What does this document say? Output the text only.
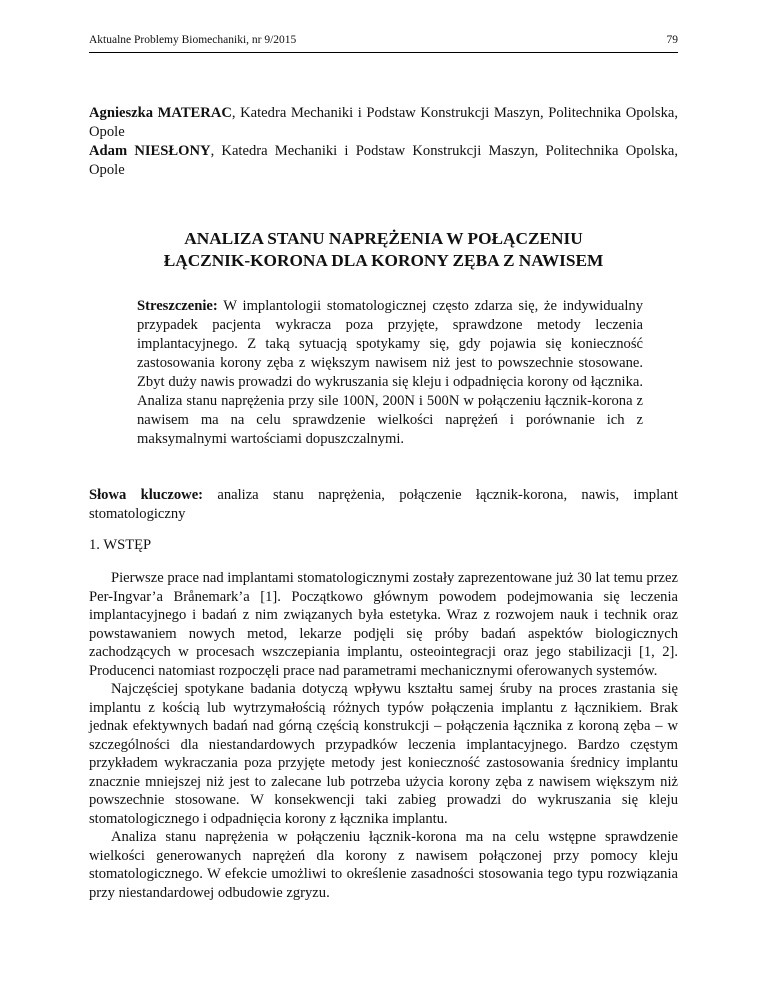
Aktualne Problemy Biomechaniki, nr 9/2015	79

Agnieszka MATERAC, Katedra Mechaniki i Podstaw Konstrukcji Maszyn, Politechnika Opolska, Opole

Adam NIESŁONY, Katedra Mechaniki i Podstaw Konstrukcji Maszyn, Politechnika Opolska, Opole

ANALIZA STANU NAPRĘŻENIA W POŁĄCZENIU
ŁĄCZNIK-KORONA DLA KORONY ZĘBA Z NAWISEM
Streszczenie: W implantologii stomatologicznej często zdarza się, że indywidualny przypadek pacjenta wykracza poza przyjęte, sprawdzone metody leczenia implantacyjnego. Z taką sytuacją spotykamy się, gdy pojawia się konieczność zastosowania korony zęba z większym nawisem niż jest to powszechnie stosowane. Zbyt duży nawis prowadzi do wykruszania się kleju i odpadnięcia korony od łącznika. Analiza stanu naprężenia przy sile 100N, 200N i 500N w połączeniu łącznik-korona z nawisem ma na celu sprawdzenie wielkości naprężeń i porównanie ich z maksymalnymi wartościami dopuszczalnymi.
Słowa kluczowe: analiza stanu naprężenia, połączenie łącznik-korona, nawis, implant stomatologiczny
1. WSTĘP

Pierwsze prace nad implantami stomatologicznymi zostały zaprezentowane już 30 lat temu przez Per-Ingvar’a Brånemark’a [1]. Początkowo głównym powodem podejmowania się leczenia implantacyjnego i badań z nim związanych była estetyka. Wraz z rozwojem nauk i technik oraz powstawaniem nowych metod, lekarze podjęli się próby badań aspektów biologicznych zachodzących w procesach wszczepiania implantu, osteointegracji oraz jego stabilizacji [1, 2]. Producenci natomiast rozpoczęli prace nad parametrami mechanicznymi oferowanych systemów.

Najczęściej spotykane badania dotyczą wpływu kształtu samej śruby na proces zrastania się implantu z kością lub wytrzymałością różnych typów połączenia implantu z łącznikiem. Brak jednak efektywnych badań nad górną częścią konstrukcji – połączenia łącznika z koroną zęba – w szczególności dla niestandardowych przypadków leczenia implantacyjnego. Bardzo częstym przykładem wykraczania poza przyjęte metody jest konieczność zastosowania średnicy implantu znacznie mniejszej niż jest to zalecane lub potrzeba użycia korony zęba z nawisem większym niż powszechnie stosowane. W konsekwencji taki zabieg prowadzi do wykruszania się kleju stomatologicznego i odpadnięcia korony z łącznika implantu.

Analiza stanu naprężenia w połączeniu łącznik-korona ma na celu wstępne sprawdzenie wielkości generowanych naprężeń dla korony z nawisem połączonej przy pomocy kleju stomatologicznego. W efekcie umożliwi to określenie zasadności stosowania tego typu rozwiązania przy niestandardowej odbudowie zgryzu.
